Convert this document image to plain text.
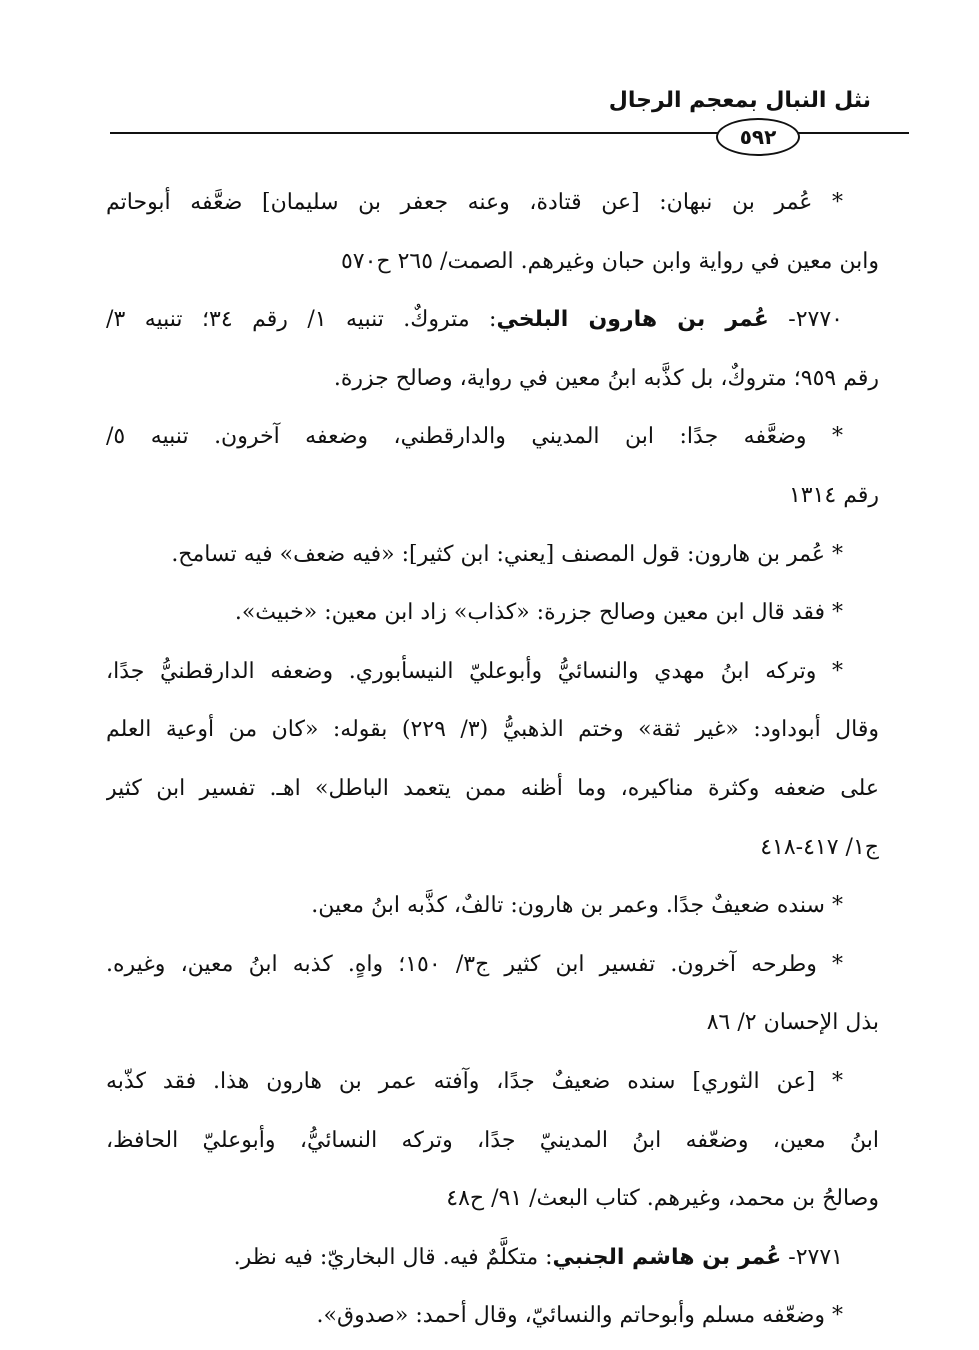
نثل النبال بمعجم الرجال
٥٩٢
* عُمر بن نبهان: [عن قتادة، وعنه جعفر بن سليمان] ضعَّفه أبوحاتم
وابن معين في رواية وابن حبان وغيرهم. الصمت/ ٢٦٥ ح٥٧٠
٢٧٧٠- عُمر بن هارون البلخي: متروكٌ. تنبيه ١/ رقم ٣٤؛ تنبيه ٣/
رقم ٩٥٩؛ متروكٌ، بل كذَّبه ابنُ معين في رواية، وصالح جزرة.
* وضعَّفه جدًا: ابن المديني والدارقطني، وضعفه آخرون. تنبيه ٥/
رقم ١٣١٤
* عُمر بن هارون: قول المصنف [يعني: ابن كثير]: «فيه ضعف» فيه تسامح.
* فقد قال ابن معين وصالح جزرة: «كذاب» زاد ابن معين: «خبيث».
* وتركه ابنُ مهدي والنسائيُّ وأبوعليّ النيسأبوري. وضعفه الدارقطنيُّ جدًا،
وقال أبوداود: «غير ثقة» وختم الذهبيُّ (٣/ ٢٢٩) بقوله: «كان من أوعية العلم
على ضعفه وكثرة مناكيره، وما أظنه ممن يتعمد الباطل» اهـ. تفسير ابن كثير
ج١/ ٤١٧-٤١٨
* سنده ضعيفٌ جدًا. وعمر بن هارون: تالفٌ، كذَّبه ابنُ معين.
* وطرحه آخرون. تفسير ابن كثير ج٣/ ١٥٠؛ واهٍ. كذبه ابنُ معين، وغيره.
بذل الإحسان ٢/ ٨٦
* [عن الثوري] سنده ضعيفٌ جدًا، وآفته عمر بن هارون هذا. فقد كذّبه
ابنُ معين، وضعّفه ابنُ المدينيّ جدًا، وتركه النسائيُّ، وأبوعليّ الحافظ،
وصالحُ بن محمد، وغيرهم. كتاب البعث/ ٩١/ ح٤٨
٢٧٧١- عُمر بن هاشم الجنبي: متكلَّمٌ فيه. قال البخاريّ: فيه نظر.
* وضعّفه مسلم وأبوحاتم والنسائيّ، وقال أحمد: «صدوق».
